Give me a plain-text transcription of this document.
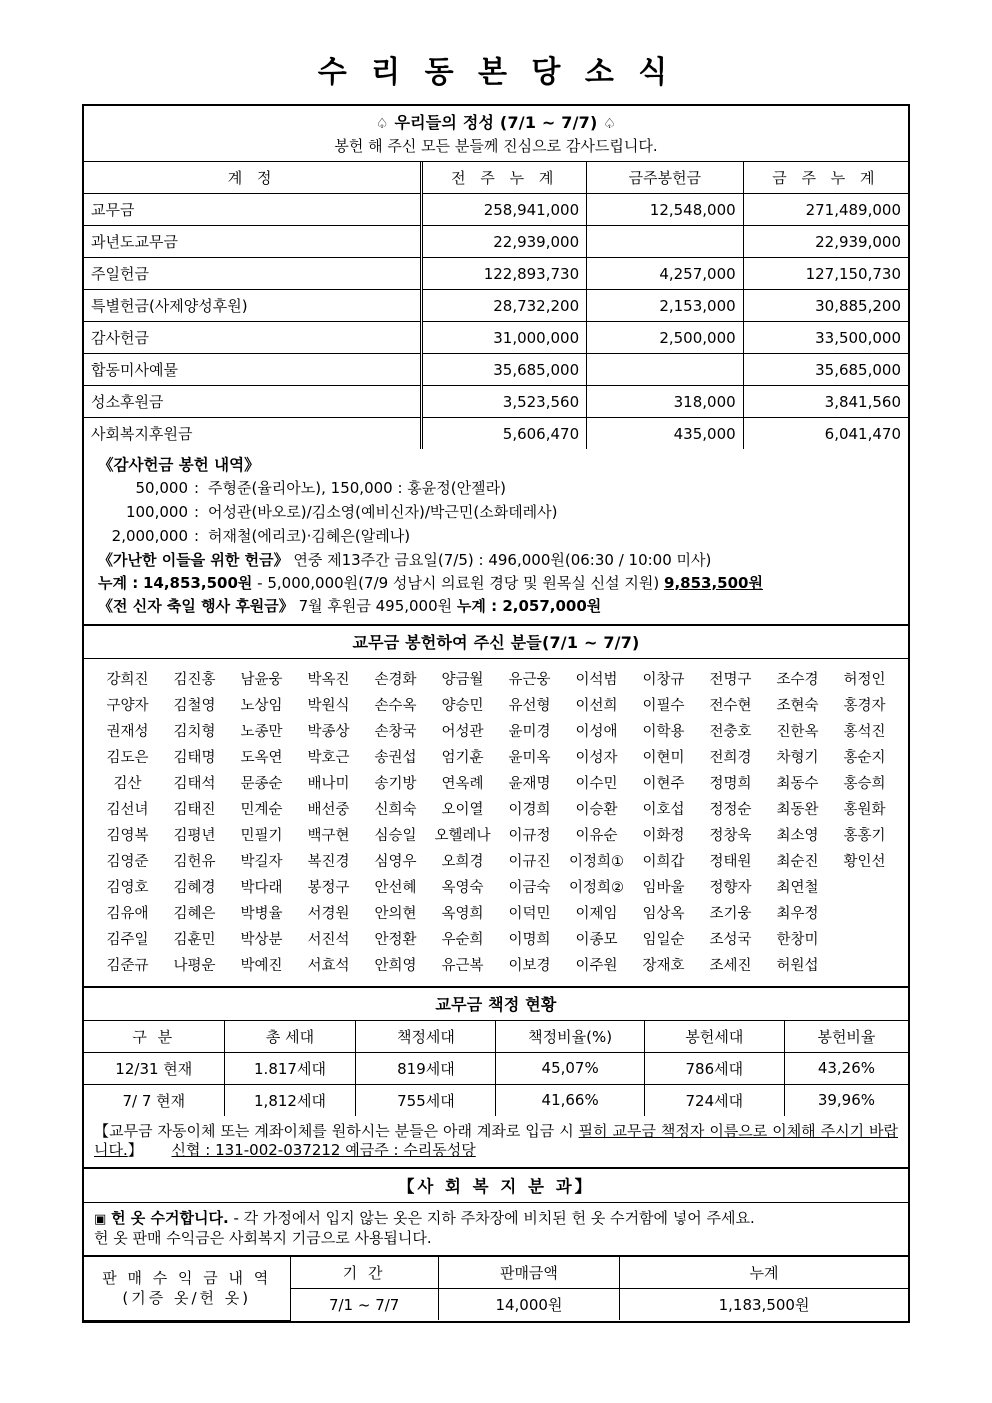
수 리 동 본 당 소 식
♤ 우리들의 정성 (7/1 ~ 7/7) ♤
봉헌 해 주신 모든 분들께 진심으로 감사드립니다.
계 정	전 주 누 계	금주봉헌금	금 주 누 계
교무금	258,941,000	12,548,000	271,489,000
과년도교무금	22,939,000		22,939,000
주일헌금	122,893,730	4,257,000	127,150,730
특별헌금(사제양성후원)	28,732,200	2,153,000	30,885,200
감사헌금	31,000,000	2,500,000	33,500,000
합동미사예물	35,685,000		35,685,000
성소후원금	3,523,560	318,000	3,841,560
사회복지후원금	5,606,470	435,000	6,041,470
《감사헌금 봉헌 내역》
50,000 : 주형준(율리아노), 150,000 : 홍윤정(안젤라)
100,000 : 어성관(바오로)/김소영(예비신자)/박근민(소화데레사)
2,000,000 : 허재철(에리코)·김혜은(알레나)
《가난한 이들을 위한 헌금》 연중 제13주간 금요일(7/5) : 496,000원(06:30 / 10:00 미사)
누계 : 14,853,500원 - 5,000,000원(7/9 성남시 의료원 경당 및 원목실 신설 지원) 9,853,500원
《전 신자 축일 행사 후원금》 7월 후원금 495,000원 누계 : 2,057,000원
교무금 봉헌하여 주신 분들(7/1 ~ 7/7)
강희진	김진홍	남윤웅	박옥진	손경화	양금월	유근웅	이석범	이창규	전명구	조수경	허정인
구양자	김철영	노상임	박원식	손수옥	양승민	유선형	이선희	이필수	전수현	조현숙	홍경자
권재성	김치형	노종만	박종상	손창국	어성관	윤미경	이성애	이학용	전충호	진한옥	홍석진
김도은	김태명	도옥연	박호근	송권섭	엄기훈	윤미옥	이성자	이현미	전희경	차형기	홍순지
김산	김태석	문종순	배나미	송기방	연옥례	윤재명	이수민	이현주	정명희	최동수	홍승희
김선녀	김태진	민계순	배선중	신희숙	오이열	이경희	이승환	이호섭	정정순	최동완	홍원화
김영복	김평년	민필기	백구현	심승일	오헬레나	이규정	이유순	이화정	정창욱	최소영	홍홍기
김영준	김헌유	박길자	복진경	심영우	오희경	이규진	이정희①	이희갑	정태원	최순진	황인선
김영호	김혜경	박다래	봉정구	안선혜	옥영숙	이금숙	이정희②	임바울	정향자	최연철	
김유애	김혜은	박병율	서경원	안의현	옥영희	이덕민	이제임	임상옥	조기웅	최우정	
김주일	김훈민	박상분	서진석	안정환	우순희	이명희	이종모	임일순	조성국	한창미	
김준규	나평운	박예진	서효석	안희영	유근복	이보경	이주원	장재호	조세진	허원섭	
교무금 책정 현황
구 분	총 세대	책정세대	책정비율(%)	봉헌세대	봉헌비율
12/31 현재	1.817세대	819세대	45,07%	786세대	43,26%
7/ 7 현재	1,812세대	755세대	41,66%	724세대	39,96%
【교무금 자동이체 또는 계좌이체를 원하시는 분들은 아래 계좌로 입금 시 필히 교무금 책정자 이름으로 이체해 주시기 바랍니다.】 신협 : 131-002-037212 예금주 : 수리동성당
【사 회 복 지 분 과】
▣ 헌 옷 수거합니다. - 각 가정에서 입지 않는 옷은 지하 주차장에 비치된 헌 옷 수거함에 넣어 주세요.
헌 옷 판매 수익금은 사회복지 기금으로 사용됩니다.
판 매 수 익 금 내 역
(기증 옷/헌 옷)	기 간	판매금액	누계
	7/1 ~ 7/7	14,000원	1,183,500원
